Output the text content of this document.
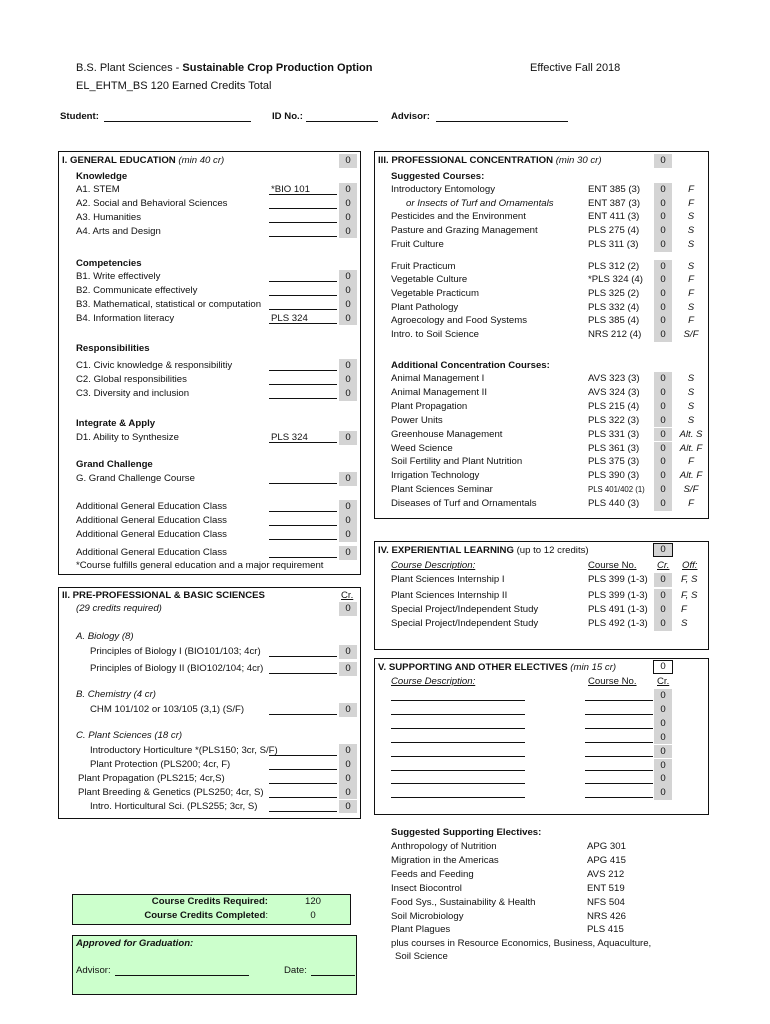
B.S. Plant Sciences - Sustainable Crop Production Option	Effective Fall 2018
EL_EHTM_BS 120 Earned Credits Total
Student:	ID No.:	Advisor:
I. GENERAL EDUCATION (min 40 cr)	0
Knowledge
A1. STEM	*BIO 101	0
A2. Social and Behavioral Sciences	0
A3. Humanities	0
A4. Arts and Design	0
Competencies
B1. Write effectively	0
B2. Communicate effectively	0
B3. Mathematical, statistical or computation	0
B4. Information literacy	PLS 324	0
Responsibilities
C1. Civic knowledge & responsibilitiy	0
C2. Global responsibilities	0
C3. Diversity and inclusion	0
Integrate & Apply
D1. Ability to Synthesize	PLS 324	0
Grand Challenge
G. Grand Challenge Course	0
Additional General Education Class	0
Additional General Education Class	0
Additional General Education Class	0
Additional General Education Class	0
*Course fulfills general education and a major requirement
II. PRE-PROFESSIONAL & BASIC SCIENCES	Cr.
(29 credits required)	0
A. Biology (8)
Principles of Biology I (BIO101/103; 4cr)	0
Principles of Biology II (BIO102/104; 4cr)	0
B. Chemistry (4 cr)
CHM 101/102 or 103/105 (3,1) (S/F)	0
C. Plant Sciences (18 cr)
Introductory Horticulture *(PLS150; 3cr, S/F)	0
Plant Protection (PLS200; 4cr, F)	0
Plant Propagation (PLS215; 4cr,S)	0
Plant Breeding & Genetics (PLS250; 4cr, S)	0
Intro. Horticultural Sci. (PLS255; 3cr, S)	0
Course Credits Required:	120
Course Credits Completed:	0
Approved for Graduation:
Advisor:	Date:
III. PROFESSIONAL CONCENTRATION (min 30 cr)	0
Suggested Courses:
Introductory Entomology	ENT 385 (3)	0	F
or Insects of Turf and Ornamentals	ENT 387 (3)	0	F
Pesticides and the Environment	ENT 411 (3)	0	S
Pasture and Grazing Management	PLS 275 (4)	0	S
Fruit Culture	PLS 311 (3)	0	S
Fruit Practicum	PLS 312 (2)	0	S
Vegetable Culture	*PLS 324 (4)	0	F
Vegetable Practicum	PLS 325 (2)	0	F
Plant Pathology	PLS 332 (4)	0	S
Agroecology and Food Systems	PLS 385 (4)	0	F
Intro. to Soil Science	NRS 212 (4)	0	S/F
Additional Concentration Courses:
Animal Management I	AVS 323 (3)	0	S
Animal Management II	AVS 324 (3)	0	S
Plant Propagation	PLS 215 (4)	0	S
Power Units	PLS 322 (3)	0	S
Greenhouse Management	PLS 331 (3)	0	Alt. S
Weed Science	PLS 361 (3)	0	Alt. F
Soil Fertility and Plant Nutrition	PLS 375 (3)	0	F
Irrigation Technology	PLS 390 (3)	0	Alt. F
Plant Sciences Seminar	PLS 401/402 (1)	0	S/F
Diseases of Turf and Ornamentals	PLS 440 (3)	0	F
IV. EXPERIENTIAL LEARNING (up to 12 credits)	0
Course Description:	Course No. Cr. Off:
Plant Sciences Internship I	PLS 399 (1-3)	0	F, S
Plant Sciences Internship II	PLS 399 (1-3)	0	F, S
Special Project/Independent Study	PLS 491 (1-3)	0	F
Special Project/Independent Study	PLS 492 (1-3)	0	S
V. SUPPORTING AND OTHER ELECTIVES (min 15 cr)	0
Course Description:	Course No. Cr.
0
0
0
0
0
0
0
0
Suggested Supporting Electives:
Anthropology of Nutrition	APG 301
Migration in the Americas	APG 415
Feeds and Feeding	AVS 212
Insect Biocontrol	ENT 519
Food Sys., Sustainability & Health	NFS 504
Soil Microbiology	NRS 426
Plant Plagues	PLS 415
plus courses in Resource Economics, Business, Aquaculture,
Soil Science
